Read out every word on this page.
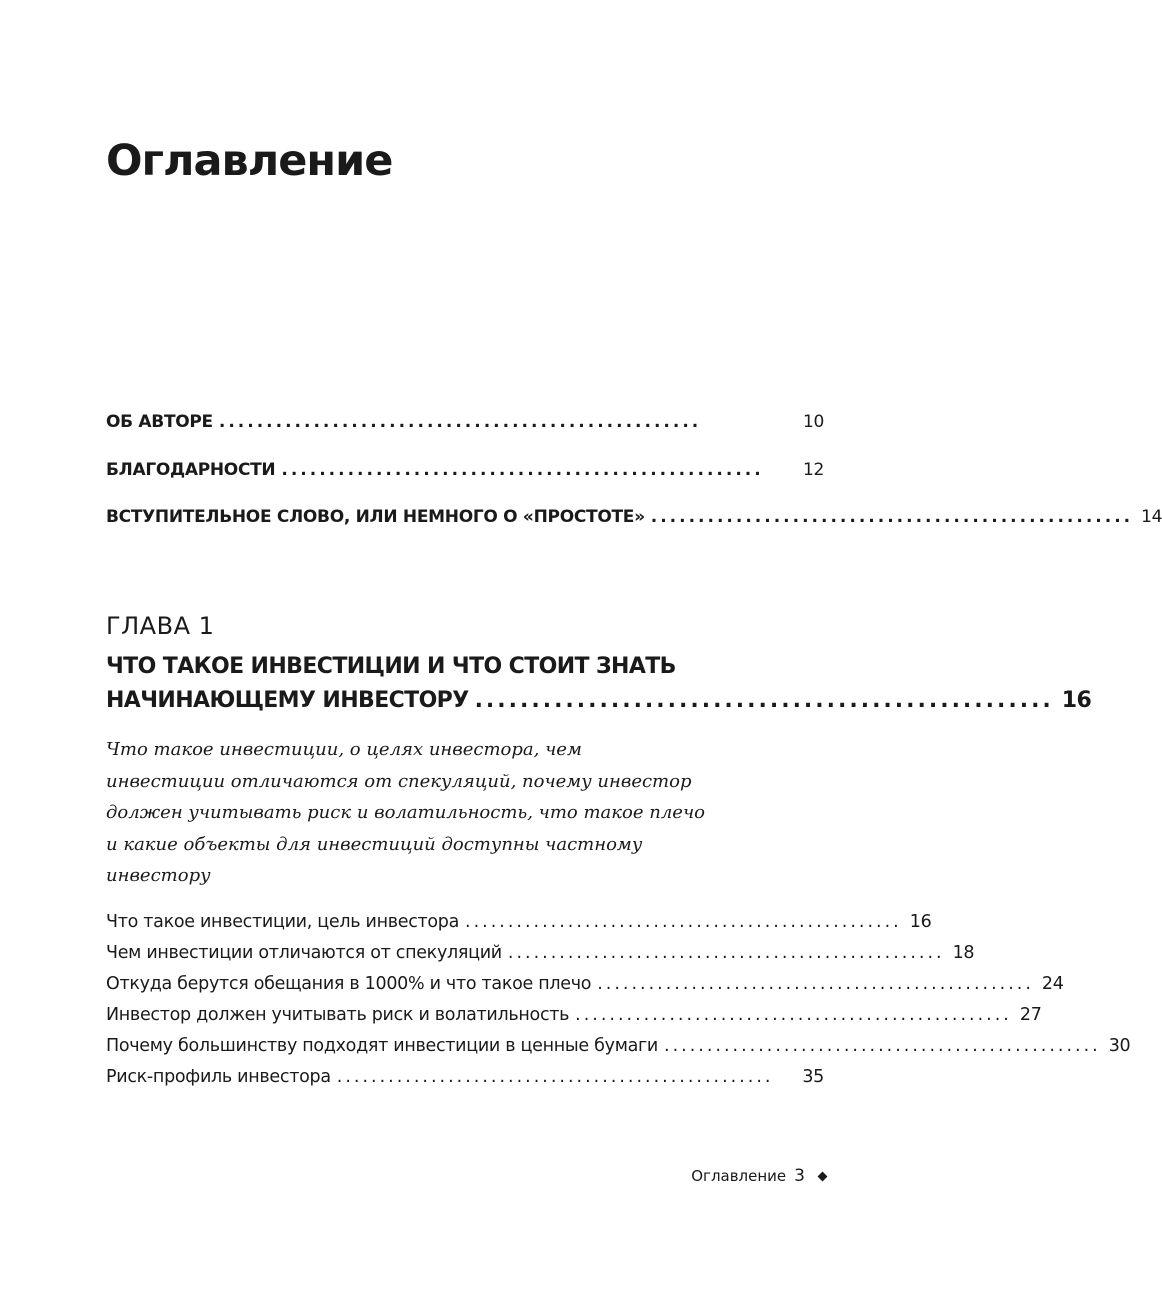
Оглавление
ОБ АВТОРЕ ...................................................	10
БЛАГОДАРНОСТИ ...................................................	12
ВСТУПИТЕЛЬНОЕ СЛОВО, ИЛИ НЕМНОГО О «ПРОСТОТЕ» ................................................... 14
ГЛАВА 1
ЧТО ТАКОЕ ИНВЕСТИЦИИ И ЧТО СТОИТ ЗНАТЬ
НАЧИНАЮЩЕМУ ИНВЕСТОРУ ................................................... 16

Что такое инвестиции, о целях инвестора, чем инвестиции отличаются от спекуляций, почему инвестор должен учитывать риск и волатильность, что такое плечо и какие объекты для инвестиций доступны частному инвестору

Что такое инвестиции, цель инвестора ................................................... 16
Чем инвестиции отличаются от спекуляций ................................................... 18
Откуда берутся обещания в 1000% и что такое плечо ................................................... 24
Инвестор должен учитывать риск и волатильность ................................................... 27
Почему большинству подходят инвестиции в ценные бумаги ................................................... 30
Риск-профиль инвестора ...................................................	35
Оглавление 3
